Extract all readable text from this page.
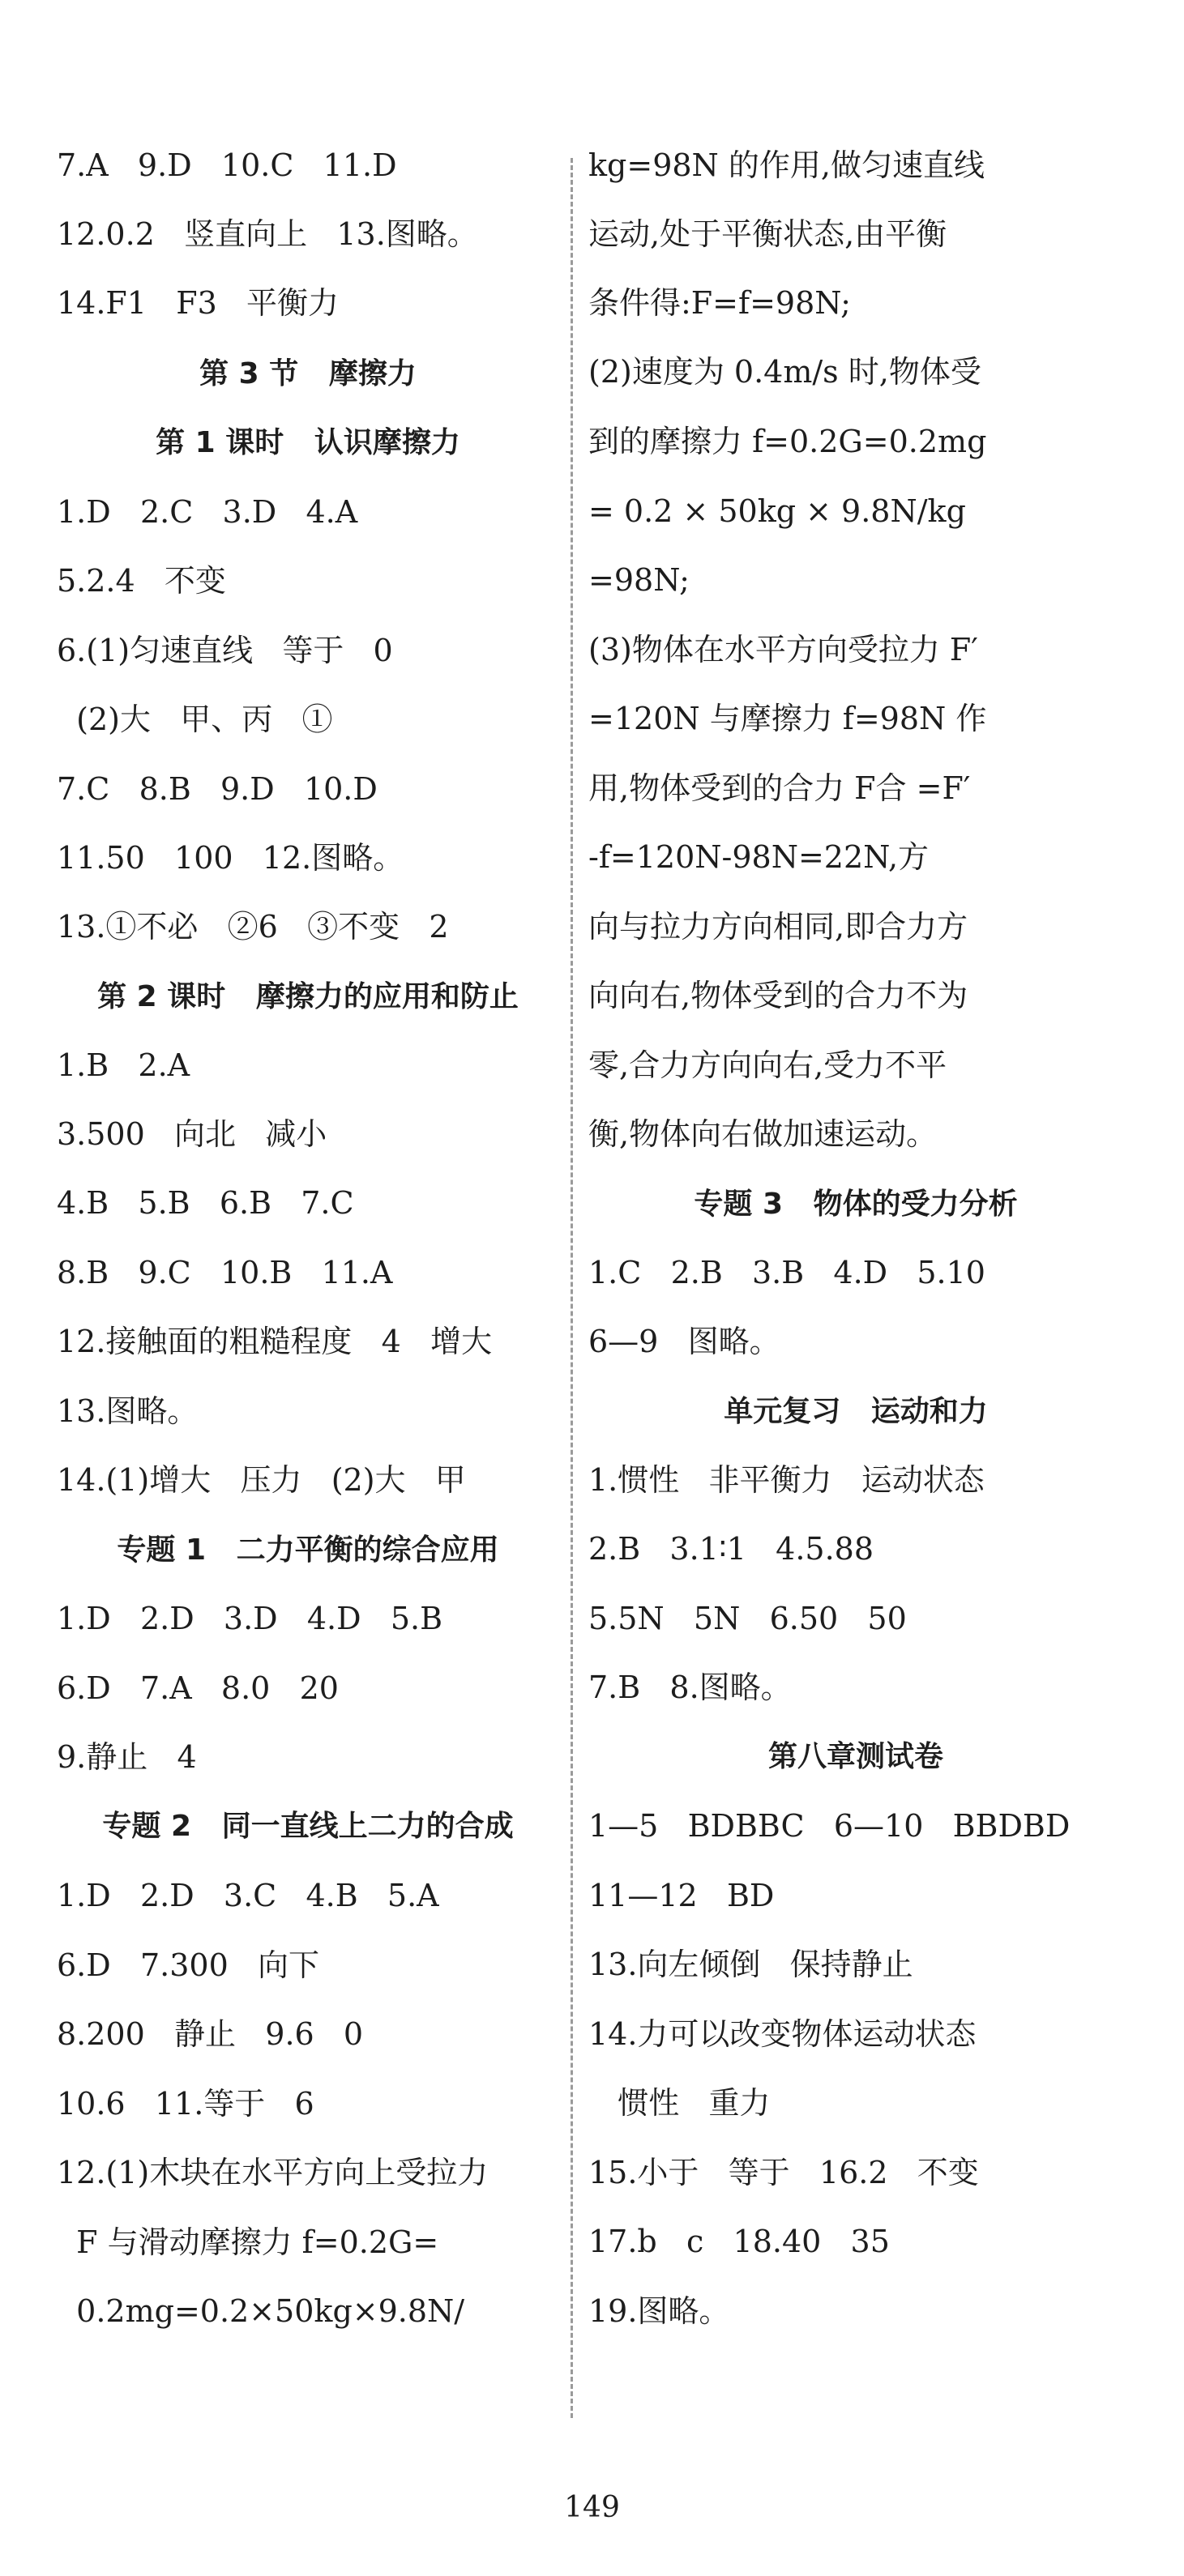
7.A   9.D   10.C   11.D
12.0.2   竖直向上   13.图略。
14.F1   F3   平衡力
第 3 节   摩擦力
第 1 课时   认识摩擦力
1.D   2.C   3.D   4.A
5.2.4   不变
6.(1)匀速直线   等于   0
(2)大   甲、丙   ①
7.C   8.B   9.D   10.D
11.50   100   12.图略。
13.①不必   ②6   ③不变   2
第 2 课时   摩擦力的应用和防止
1.B   2.A
3.500   向北   减小
4.B   5.B   6.B   7.C
8.B   9.C   10.B   11.A
12.接触面的粗糙程度   4   增大
13.图略。
14.(1)增大   压力   (2)大   甲
专题 1   二力平衡的综合应用
1.D   2.D   3.D   4.D   5.B
6.D   7.A   8.0   20
9.静止   4
专题 2   同一直线上二力的合成
1.D   2.D   3.C   4.B   5.A
6.D   7.300   向下
8.200   静止   9.6   0
10.6   11.等于   6
12.(1)木块在水平方向上受拉力
F 与滑动摩擦力 f=0.2G=
0.2mg=0.2×50kg×9.8N/
kg=98N 的作用,做匀速直线
运动,处于平衡状态,由平衡
条件得:F=f=98N;
(2)速度为 0.4m/s 时,物体受
到的摩擦力 f=0.2G=0.2mg
= 0.2 × 50kg × 9.8N/kg
=98N;
(3)物体在水平方向受拉力 F′
=120N 与摩擦力 f=98N 作
用,物体受到的合力 F合 =F′
-f=120N-98N=22N,方
向与拉力方向相同,即合力方
向向右,物体受到的合力不为
零,合力方向向右,受力不平
衡,物体向右做加速运动。
专题 3   物体的受力分析
1.C   2.B   3.B   4.D   5.10
6—9   图略。
单元复习   运动和力
1.惯性   非平衡力   运动状态
2.B   3.1∶1   4.5.88
5.5N   5N   6.50   50
7.B   8.图略。
第八章测试卷
1—5   BDBBC   6—10   BBDBD
11—12   BD
13.向左倾倒   保持静止
14.力可以改变物体运动状态
惯性   重力
15.小于   等于   16.2   不变
17.b   c   18.40   35
19.图略。
149
